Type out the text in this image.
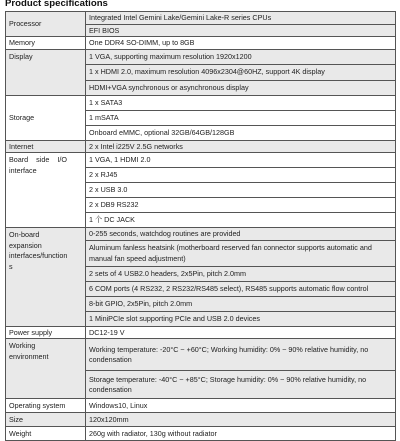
Product specifications
Processor	Integrated Intel Gemini Lake/Gemini Lake-R series CPUs
	EFI BIOS
Memory	One DDR4 SO-DIMM, up to 8GB
Display	1 VGA, supporting maximum resolution 1920x1200
	1 x HDMI 2.0, maximum resolution 4096x2304@60HZ, support 4K display
	HDMI+VGA synchronous or asynchronous display
Storage	1 x SATA3
	1 mSATA
	Onboard eMMC, optional 32GB/64GB/128GB
Internet	2 x Intel i225V 2.5G networks

Board    side    I/O
interface	1 VGA, 1 HDMI 2.0
	2 x RJ45
	2 x USB 3.0
	2 x DB9 RS232
	1 个 DC JACK

On-board
expansion
interfaces/function
s	0-255 seconds, watchdog routines are provided
	Aluminum fanless heatsink (motherboard reserved fan connector supports automatic and manual fan speed adjustment)
	2 sets of 4 USB2.0 headers, 2x5Pin, pitch 2.0mm
	6 COM ports (4 RS232, 2 RS232/RS485 select), RS485 supports automatic flow control
	8-bit GPIO, 2x5Pin, pitch 2.0mm
	1 MiniPCIe slot supporting PCIe and USB 2.0 devices
Power supply	DC12-19 V

Working
environment	Working temperature: -20°C ~ +60°C; Working humidity: 0% ~ 90% relative humidity, no condensation
	Storage temperature: -40°C ~ +85°C; Storage humidity: 0% ~ 90% relative humidity, no condensation
Operating system	Windows10, Linux
Size	120x120mm
Weight	260g with radiator, 130g without radiator
